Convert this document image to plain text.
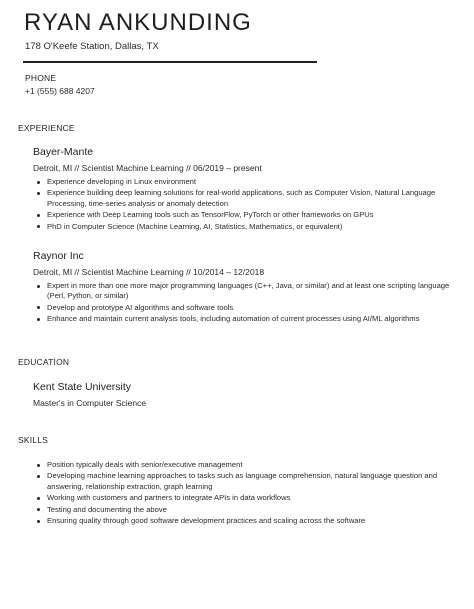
RYAN ANKUNDING
178 O'Keefe Station, Dallas, TX
PHONE
+1 (555) 688 4207
EXPERIENCE

Bayer-Mante

Detroit, MI // Scientist Machine Learning // 06/2019 – present
Experience developing in Linux environment
Experience building deep learning solutions for real-world applications, such as Computer Vision, Natural Language Processing, time-series analysis or anomaly detection
Experience with Deep Learning tools such as TensorFlow, PyTorch or other frameworks on GPUs
PhD in Computer Science (Machine Learning, AI, Statistics, Mathematics, or equivalent)

Raynor Inc

Detroit, MI // Scientist Machine Learning // 10/2014 – 12/2018
Expert in more than one more major programming languages (C++, Java, or similar) and at least one scripting language (Perl, Python, or similar)
Develop and prototype AI algorithms and software tools
Enhance and maintain current analysis tools, including automation of current processes using AI/ML algorithms
EDUCATION

Kent State University

Master's in Computer Science
SKILLS
Position typically deals with senior/executive management
Developing machine learning approaches to tasks such as language comprehension, natural language question and answering, relationship extraction, graph learning
Working with customers and partners to integrate APIs in data workflows
Testing and documenting the above
Ensuring quality through good software development practices and scaling across the software
